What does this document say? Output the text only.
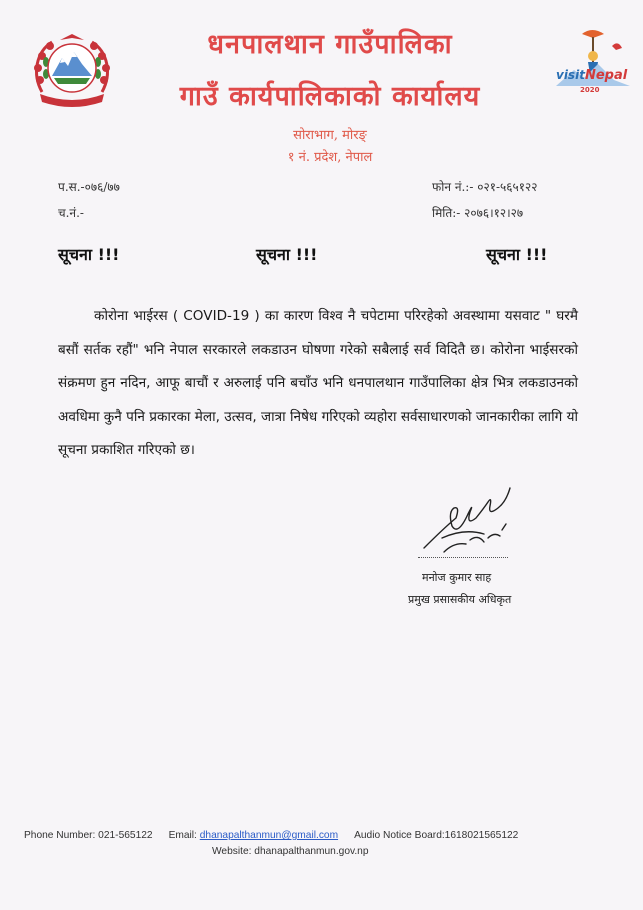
visitNepal
2020
धनपालथान गाउँपालिका
गाउँ कार्यपालिकाको कार्यालय
सोराभाग, मोरङ्
१ नं. प्रदेश, नेपाल
प.स.-०७६/७७
च.नं.-
फोन नं.:- ०२१-५६५१२२
मिति:- २०७६।१२।२७
सूचना !!!	सूचना !!!	सूचना !!!
कोरोना भाईरस ( COVID-19 ) का कारण विश्व नै चपेटामा परिरहेको अवस्थामा यसवाट " घरमै बसौं सर्तक रहौं" भनि नेपाल सरकारले लकडाउन घोषणा गरेको सबैलाई सर्व विदितै छ। कोरोना भाईसरको संक्रमण हुन नदिन, आफू बाचौं र अरुलाई पनि बचाँउ भनि धनपालथान गाउँपालिका क्षेत्र भित्र लकडाउनको अवधिमा कुनै पनि प्रकारका मेला, उत्सव, जात्रा निषेध गरिएको व्यहोरा सर्वसाधारणको जानकारीका लागि यो सूचना प्रकाशित गरिएको छ।
मनोज कुमार साह
प्रमुख प्रसासकीय अधिकृत
Phone Number: 021-565122 Email: dhanapalthanmun@gmail.com Audio Notice Board:1618021565122
Website: dhanapalthanmun.gov.np
